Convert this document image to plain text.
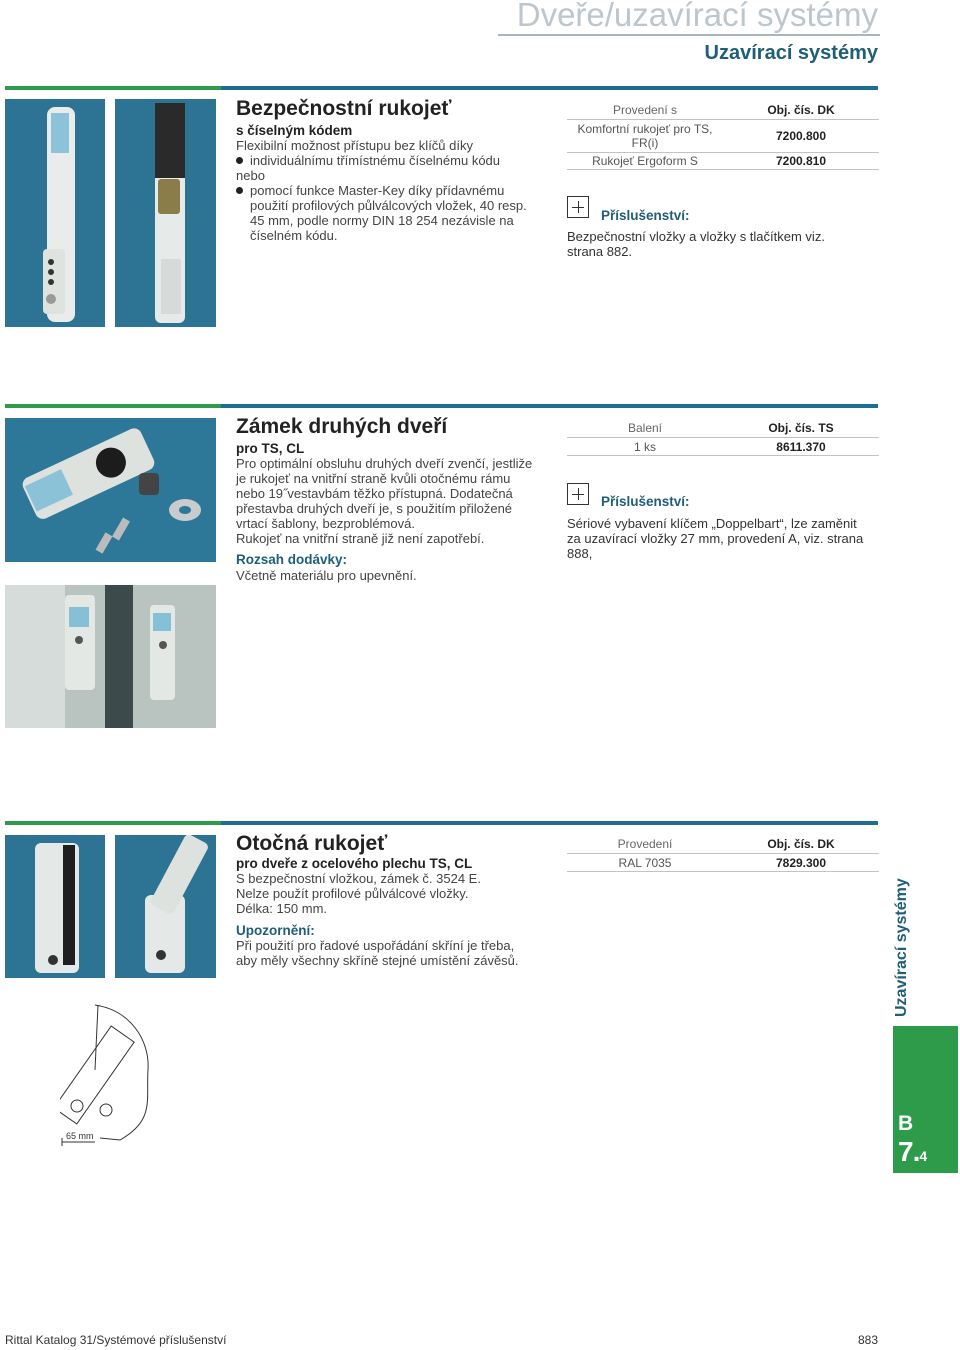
Dveře/uzavírací systémy
Uzavírací systémy
Bezpečnostní rukojeť
s číselným kódem

Flexibilní možnost přístupu bez klíčů díky

individuálnímu třímístnému číselnému kódu

nebo

pomocí funkce Master-Key díky přídavnému použití profilových půlválcových vložek, 40 resp. 45 mm, podle normy DIN 18 254 nezávisle na číselném kódu.

Provedení s	Obj. čís. DK
Komfortní rukojeť pro TS, FR(i)	7200.800
Rukojeť Ergoform S	7200.810
Příslušenství:
Bezpečnostní vložky a vložky s tlačítkem viz. strana 882.
Zámek druhých dveří
pro TS, CL

Pro optimální obsluhu druhých dveří zvenčí, jestliže je rukojeť na vnitřní straně kvůli otočnému rámu nebo 19˝vestavbám těžko přístupná. Dodatečná přestavba druhých dveří je, s použitím přiložené vrtací šablony, bezproblémová.

Rukojeť na vnitřní straně již není zapotřebí.

Rozsah dodávky:
Včetně materiálu pro upevnění.
Balení	Obj. čís. TS
1 ks	8611.370
Příslušenství:
Sériové vybavení klíčem „Doppelbart“, lze zaměnit za uzavírací vložky 27 mm, provedení A, viz. strana 888,
65 mm
Otočná rukojeť
pro dveře z ocelového plechu TS, CL

S bezpečnostní vložkou, zámek č. 3524 E.

Nelze použít profilové půlválcové vložky.

Délka: 150 mm.

Upozornění:
Při použití pro řadové uspořádání skříní je třeba, aby měly všechny skříně stejné umístění závěsů.
Provedení	Obj. čís. DK
RAL 7035	7829.300
Uzavírací systémy
B
7.4
Rittal Katalog 31/Systémové příslušenství	883
